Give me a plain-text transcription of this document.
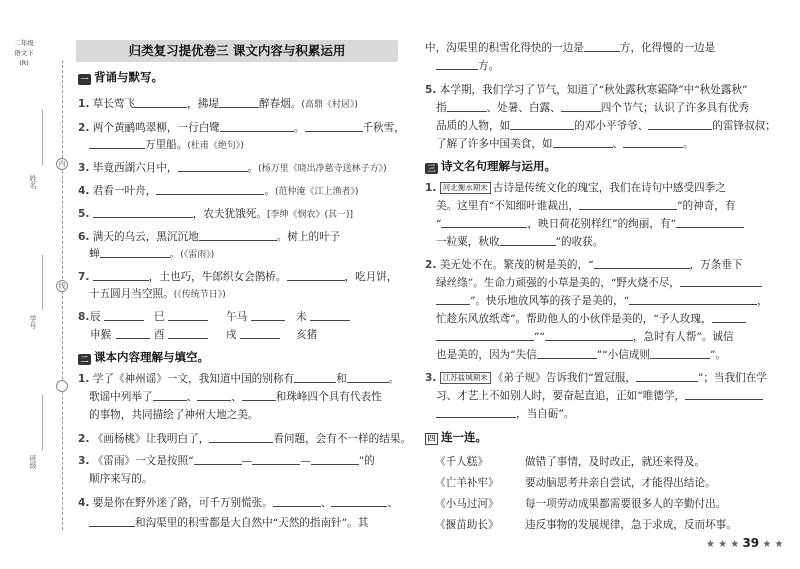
二年级
语文下
(R)
内
线
姓名
学号
班级
归类复习提优卷三 课文内容与积累运用
一 背诵与默写。
1. 草长莺飞	，拂堤	醉春烟。(高鼎《村居》)
2. 两个黄鹂鸣翠柳，一行白鹭	。	千秋雪，
万里船。(杜甫《绝句》)
3. 毕竟西湖六月中，	。(杨万里《晓出净慈寺送林子方》)
4. 君看一叶舟，	。(范仲淹《江上渔者》)
5.	，农夫犹饿死。[李绅《悯农》(其一)]
6. 满天的乌云，黑沉沉地	。树上的叶子
蝉	。(《雷雨》)
7.	，土也巧，牛郎织女会鹊桥。	，吃月饼，
十五圆月当空照。(《传统节日》)
8. 辰	巳	午马	未
申猴	酉	戌	亥猪
二 课本内容理解与填空。
1. 学了《神州谣》一文，我知道中国的别称有	和	。
歌谣中列举了	、	、	和珠峰四个具有代表性
的事物，共同描绘了神州大地之美。
2. 《画杨桃》让我明白了，	看问题，会有不一样的结果。
3. 《雷雨》一文是按照“	—	—	”的
顺序来写的。
4. 要是你在野外迷了路，可千万别慌张。	、	、
和沟渠里的积雪都是大自然中“天然的指南针”。其
中，沟渠里的积雪化得快的一边是	方，化得慢的一边是
方。
5. 本学期，我们学习了节气，知道了“秋处露秋寒霜降”中“秋处露秋”
指	、处暑、白露、	四个节气；认识了许多具有优秀
品质的人物，如	的邓小平爷爷、	的雷锋叔叔；
了解了许多中国美食，如	、	。
三 诗文名句理解与运用。
1. 河北衡水期末 古诗是传统文化的瑰宝，我们在诗句中感受四季之
美。这里有“不知细叶谁裁出，	”的神奇，有
“	，映日荷花别样红”的绚丽，有“
一粒粟，秋收	”的收获。
2. 美无处不在。繁茂的树是美的，“	，万条垂下
绿丝绦”。生命力顽强的小草是美的，“野火烧不尽，
”。快乐地放风筝的孩子是美的，“	，
忙趁东风放纸鸢”。帮助他人的小伙伴是美的，“予人玫瑰，
”“	，急时有人帮”。诚信
也是美的，因为“失信	”“小信成则	”。
3. 江苏盐城期末 《弟子规》告诉我们“置冠服，	”；当我们在学
习、才艺上不如别人时，要奋起直追，正如“唯德学，
，当自砺”。
四 连一连。
《千人糕》	做错了事情，及时改正，就还来得及。
《亡羊补牢》 要动脑思考并亲自尝试，才能得出结论。
《小马过河》 每一项劳动成果都需要很多人的辛勤付出。
《揠苗助长》 违反事物的发展规律，急于求成，反而坏事。
★ ★ ★ 39 ★ ★
